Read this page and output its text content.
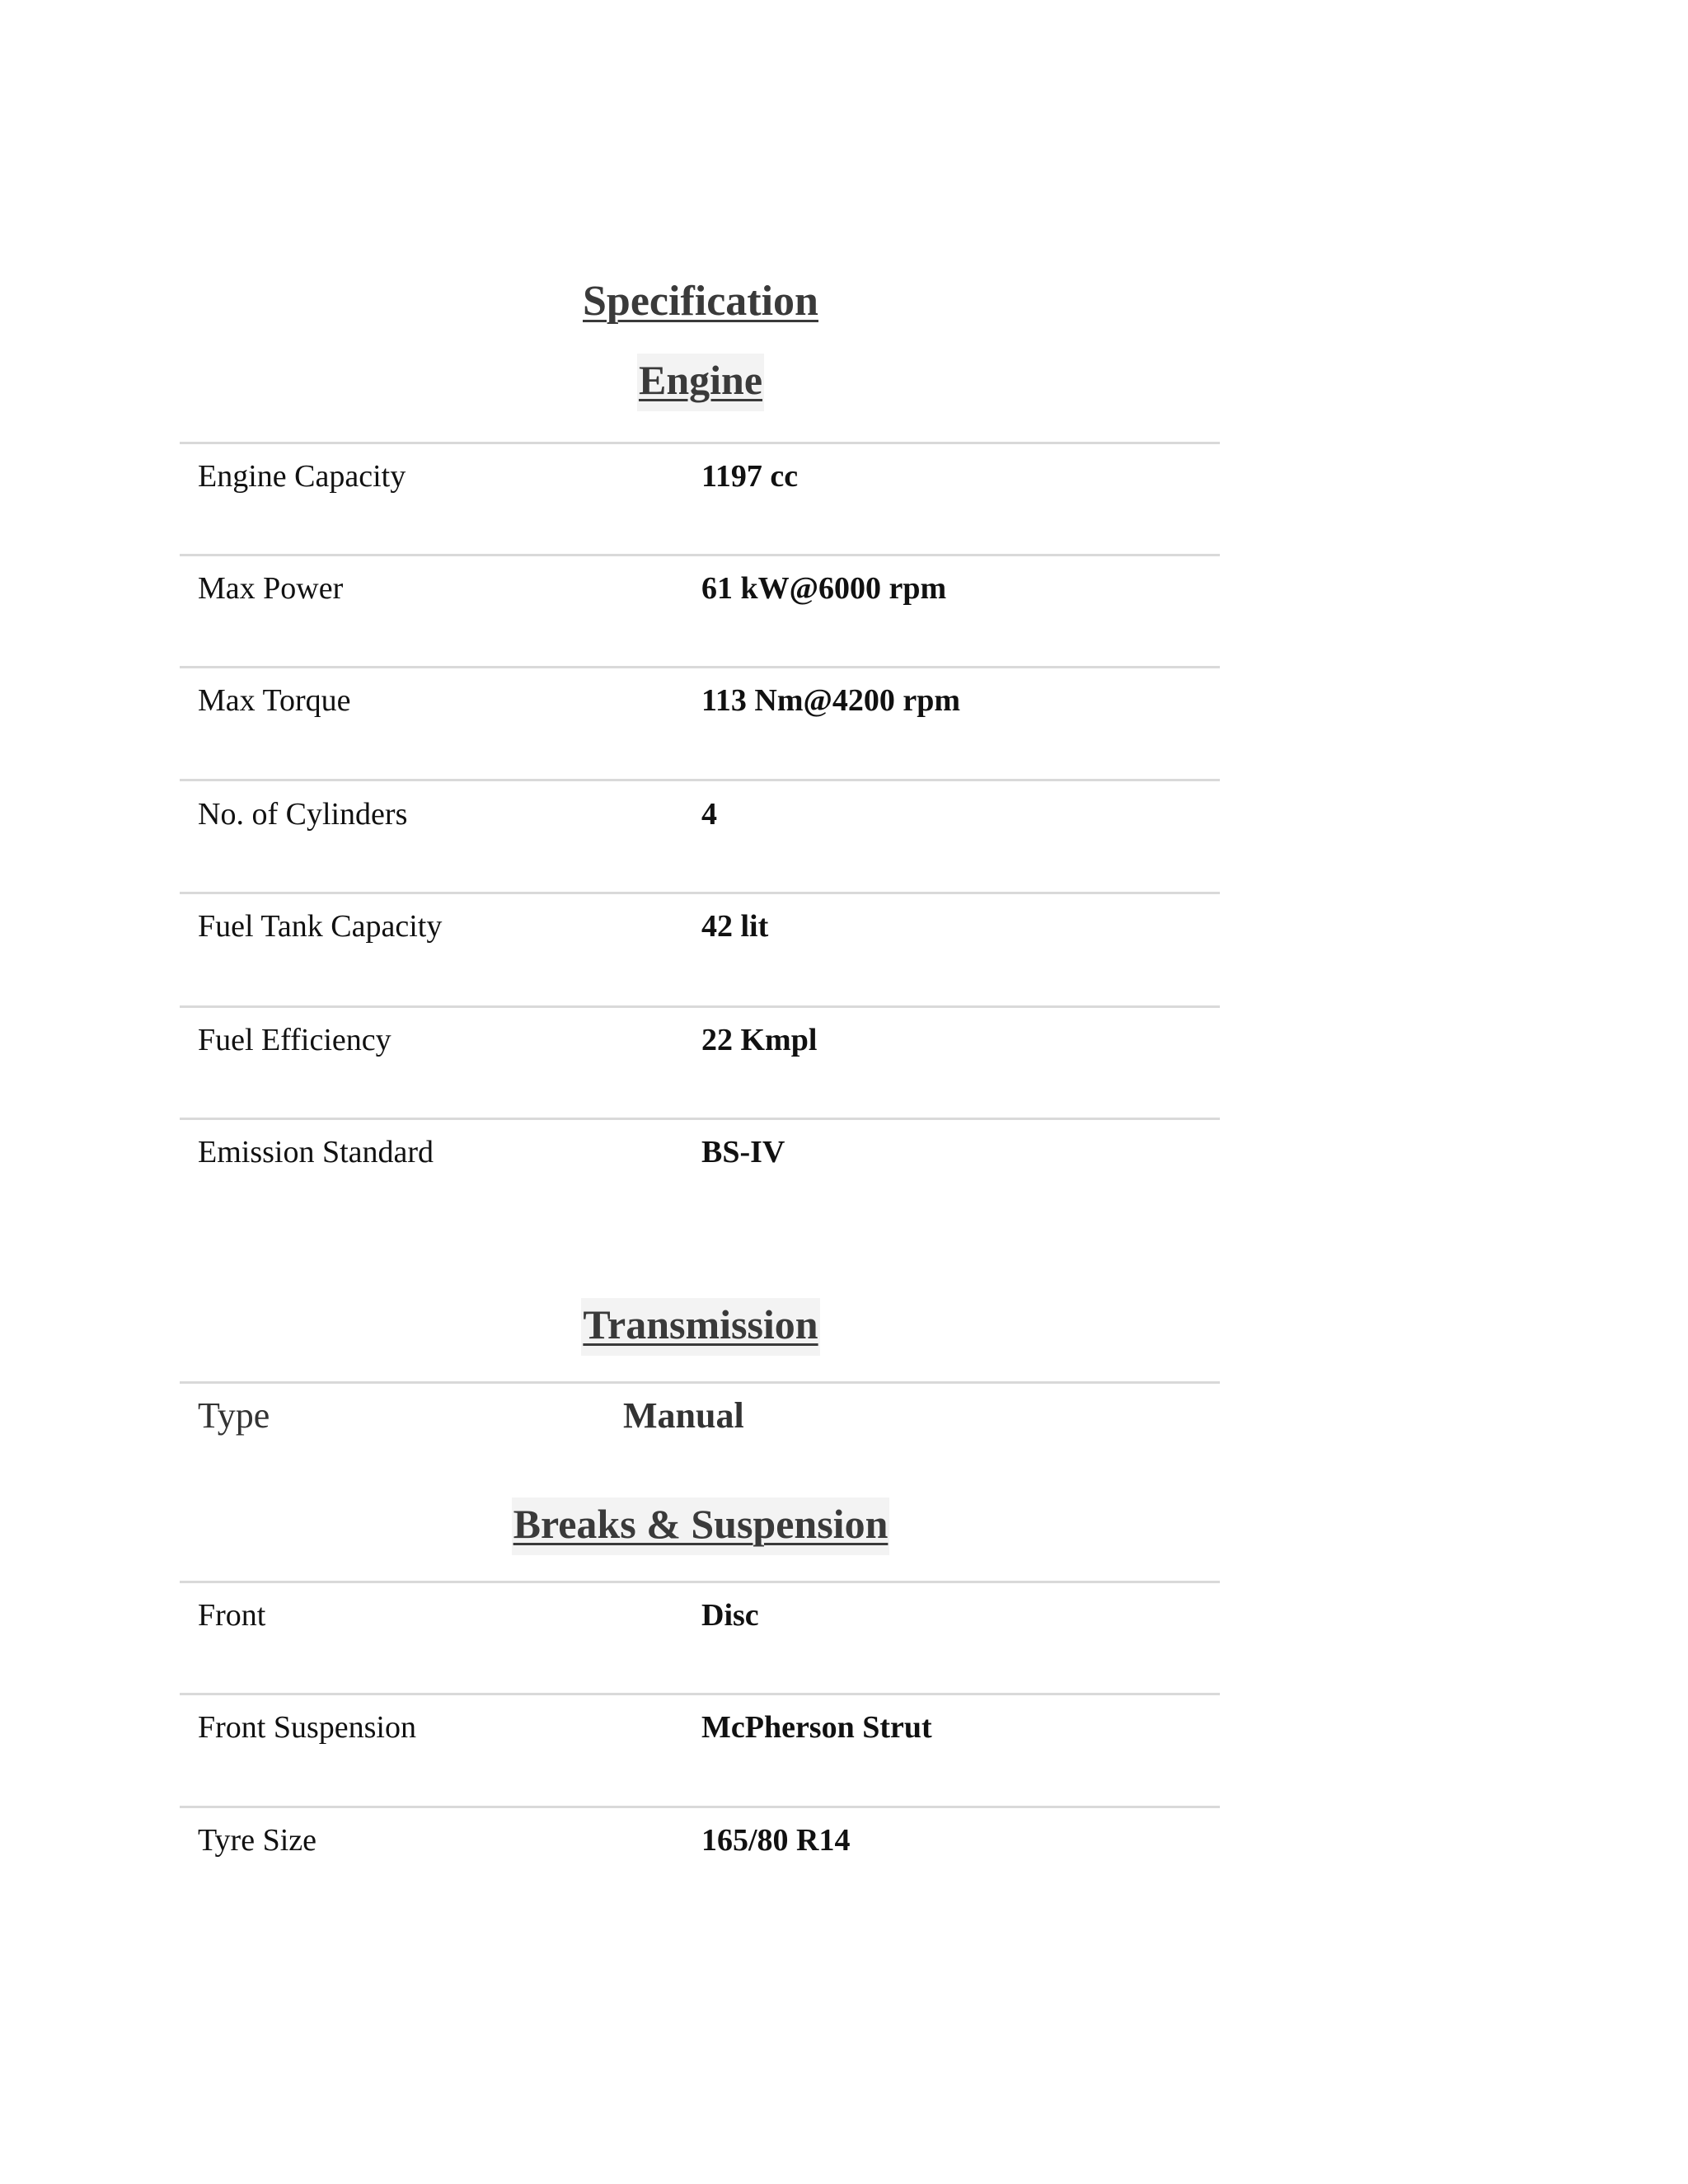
Specification
Engine
Engine Capacity	1197 cc
Max Power	61 kW@6000 rpm
Max Torque	113 Nm@4200 rpm
No. of Cylinders	4
Fuel Tank Capacity	42 lit
Fuel Efficiency	22 Kmpl
Emission Standard	BS-IV
Transmission
Type	Manual
Breaks & Suspension
Front	Disc
Front Suspension	McPherson Strut
Tyre Size	165/80 R14
